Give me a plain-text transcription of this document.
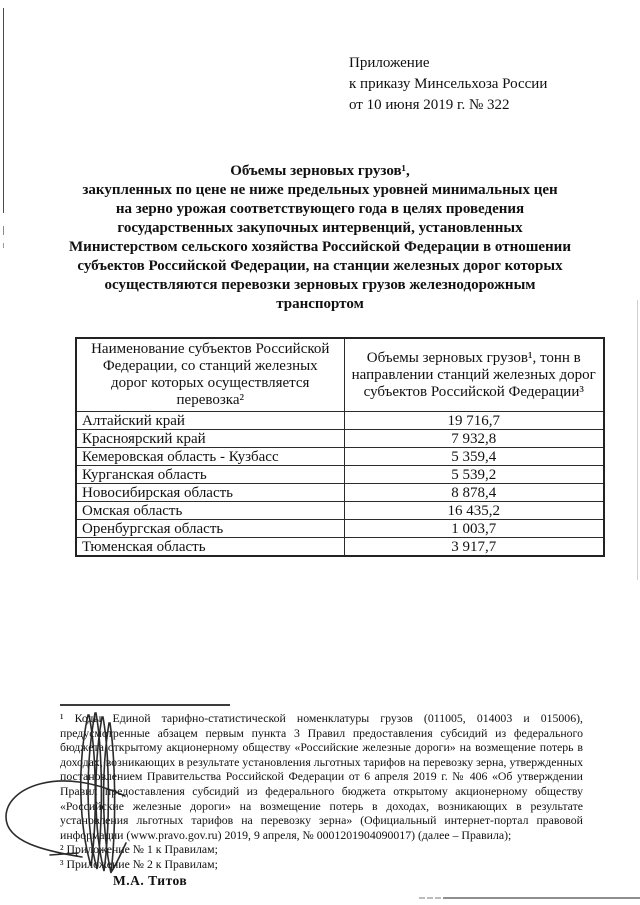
Приложение
к приказу Минсельхоза России
от 10 июня 2019 г. № 322
Объемы зерновых грузов¹,
закупленных по цене не ниже предельных уровней минимальных цен
на зерно урожая соответствующего года в целях проведения
государственных закупочных интервенций, установленных
Министерством сельского хозяйства Российской Федерации в отношении
субъектов Российской Федерации, на станции железных дорог которых
осуществляются перевозки зерновых грузов железнодорожным
транспортом
Наименование субъектов Российской Федерации, со станций железных дорог которых осуществляется перевозка²	Объемы зерновых грузов¹, тонн в направлении станций железных дорог субъектов Российской Федерации³
Алтайский край	19 716,7
Красноярский край	7 932,8
Кемеровская область - Кузбасс	5 359,4
Курганская область	5 539,2
Новосибирская область	8 878,4
Омская область	16 435,2
Оренбургская область	1 003,7
Тюменская область	3 917,7
¹ Коды Единой тарифно-статистической номенклатуры грузов (011005, 014003 и 015006), предусмотренные абзацем первым пункта 3 Правил предоставления субсидий из федерального бюджета открытому акционерному обществу «Российские железные дороги» на возмещение потерь в доходах, возникающих в результате установления льготных тарифов на перевозку зерна, утвержденных постановлением Правительства Российской Федерации от 6 апреля 2019 г. № 406 «Об утверждении Правил предоставления субсидий из федерального бюджета открытому акционерному обществу «Российские железные дороги» на возмещение потерь в доходах, возникающих в результате установления льготных тарифов на перевозку зерна» (Официальный интернет-портал правовой информации (www.pravo.gov.ru) 2019, 9 апреля, № 0001201904090017) (далее – Правила);
² Приложение № 1 к Правилам;
³ Приложение № 2 к Правилам;
М.А. Титов
